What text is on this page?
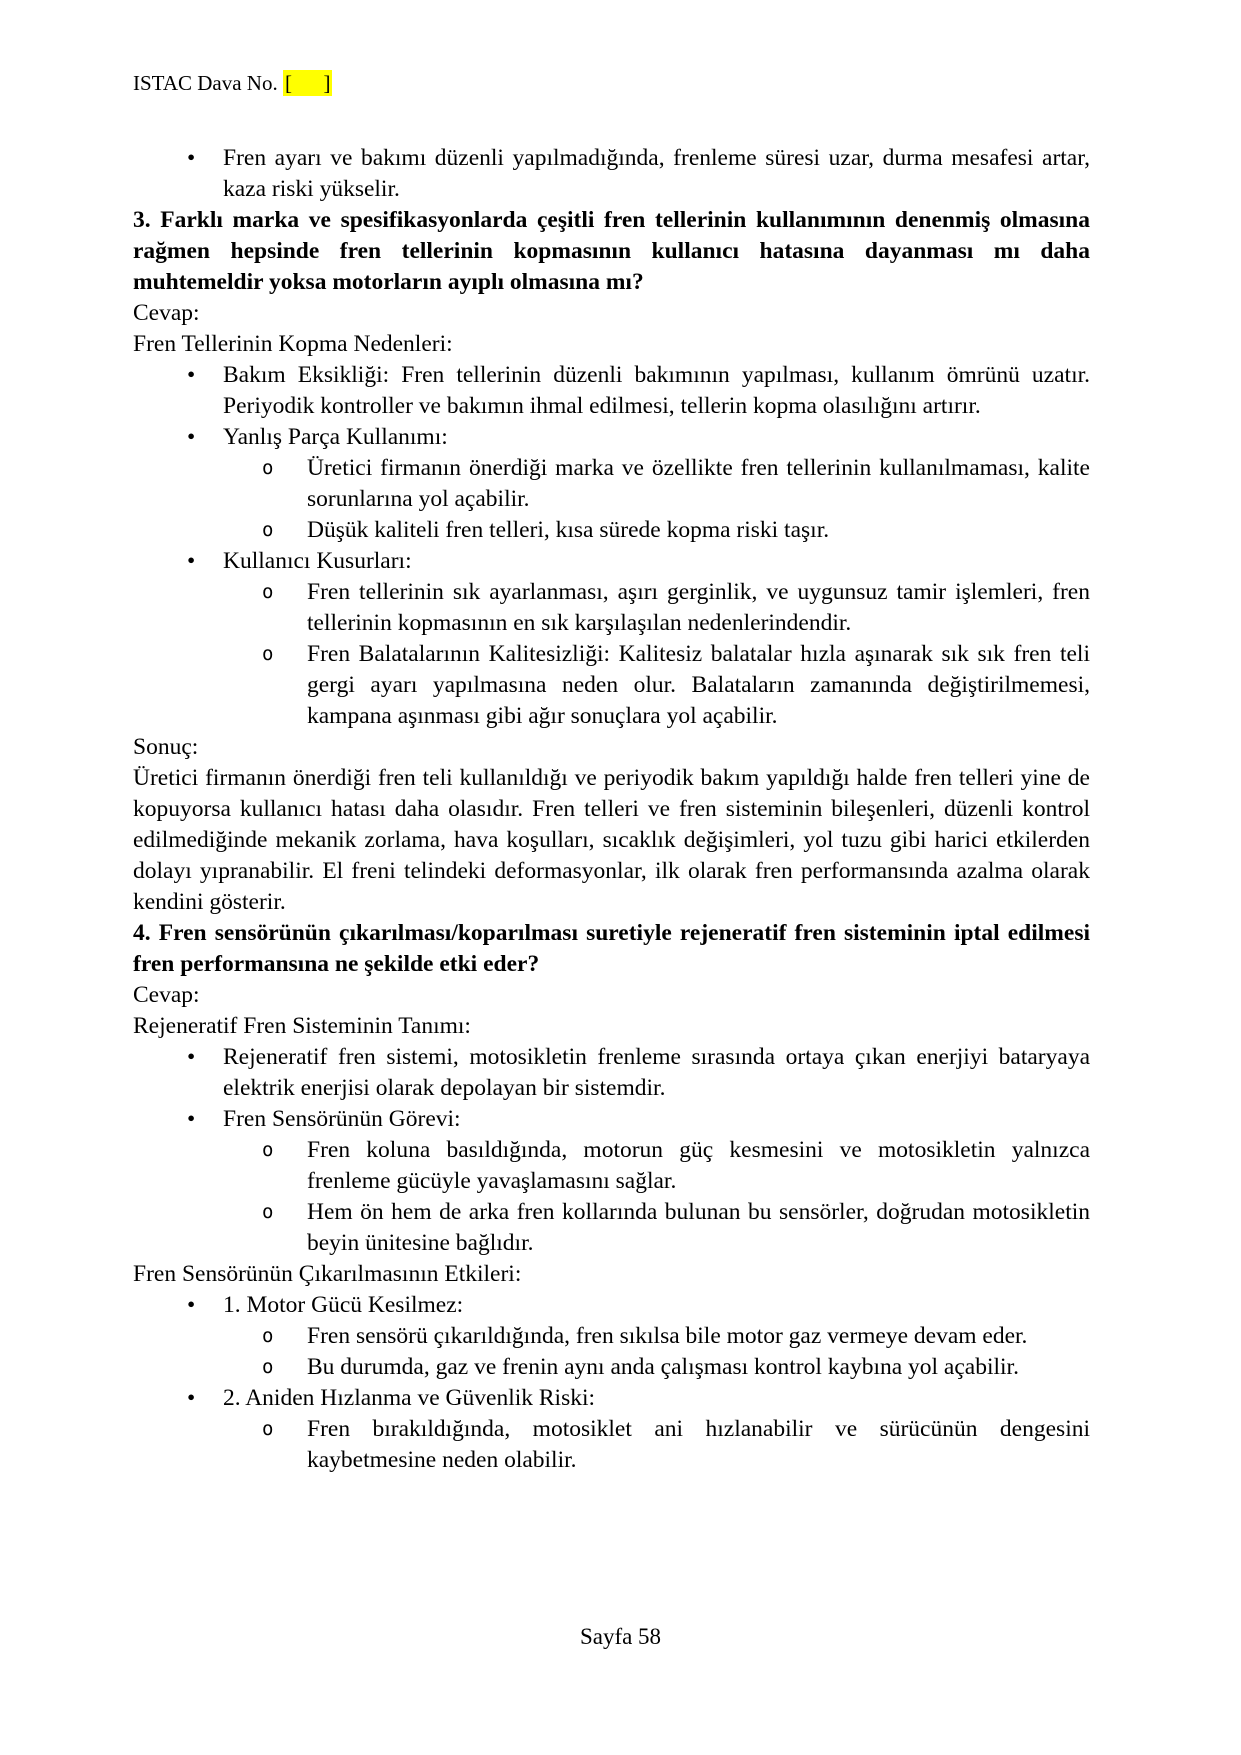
ISTAC Dava No. [      ]
• Fren ayarı ve bakımı düzenli yapılmadığında, frenleme süresi uzar, durma mesafesi artar, kaza riski yükselir.
3. Farklı marka ve spesifikasyonlarda çeşitli fren tellerinin kullanımının denenmiş olmasına rağmen hepsinde fren tellerinin kopmasının kullanıcı hatasına dayanması mı daha muhtemeldir yoksa motorların ayıplı olmasına mı?
Cevap:
Fren Tellerinin Kopma Nedenleri:
• Bakım Eksikliği: Fren tellerinin düzenli bakımının yapılması, kullanım ömrünü uzatır. Periyodik kontroller ve bakımın ihmal edilmesi, tellerin kopma olasılığını artırır.
• Yanlış Parça Kullanımı:
o Üretici firmanın önerdiği marka ve özellikte fren tellerinin kullanılmaması, kalite sorunlarına yol açabilir.
o Düşük kaliteli fren telleri, kısa sürede kopma riski taşır.
• Kullanıcı Kusurları:
o Fren tellerinin sık ayarlanması, aşırı gerginlik, ve uygunsuz tamir işlemleri, fren tellerinin kopmasının en sık karşılaşılan nedenlerindendir.
o Fren Balatalarının Kalitesizliği: Kalitesiz balatalar hızla aşınarak sık sık fren teli gergi ayarı yapılmasına neden olur. Balataların zamanında değiştirilmemesi, kampana aşınması gibi ağır sonuçlara yol açabilir.
Sonuç:
Üretici firmanın önerdiği fren teli kullanıldığı ve periyodik bakım yapıldığı halde fren telleri yine de kopuyorsa kullanıcı hatası daha olasıdır. Fren telleri ve fren sisteminin bileşenleri, düzenli kontrol edilmediğinde mekanik zorlama, hava koşulları, sıcaklık değişimleri, yol tuzu gibi harici etkilerden dolayı yıpranabilir. El freni telindeki deformasyonlar, ilk olarak fren performansında azalma olarak kendini gösterir.
4. Fren sensörünün çıkarılması/koparılması suretiyle rejeneratif fren sisteminin iptal edilmesi fren performansına ne şekilde etki eder?
Cevap:
Rejeneratif Fren Sisteminin Tanımı:
• Rejeneratif fren sistemi, motosikletin frenleme sırasında ortaya çıkan enerjiyi bataryaya elektrik enerjisi olarak depolayan bir sistemdir.
• Fren Sensörünün Görevi:
o Fren koluna basıldığında, motorun güç kesmesini ve motosikletin yalnızca frenleme gücüyle yavaşlamasını sağlar.
o Hem ön hem de arka fren kollarında bulunan bu sensörler, doğrudan motosikletin beyin ünitesine bağlıdır.
Fren Sensörünün Çıkarılmasının Etkileri:
• 1. Motor Gücü Kesilmez:
o Fren sensörü çıkarıldığında, fren sıkılsa bile motor gaz vermeye devam eder.
o Bu durumda, gaz ve frenin aynı anda çalışması kontrol kaybına yol açabilir.
• 2. Aniden Hızlanma ve Güvenlik Riski:
o Fren bırakıldığında, motosiklet ani hızlanabilir ve sürücünün dengesini kaybetmesine neden olabilir.
Sayfa 58
